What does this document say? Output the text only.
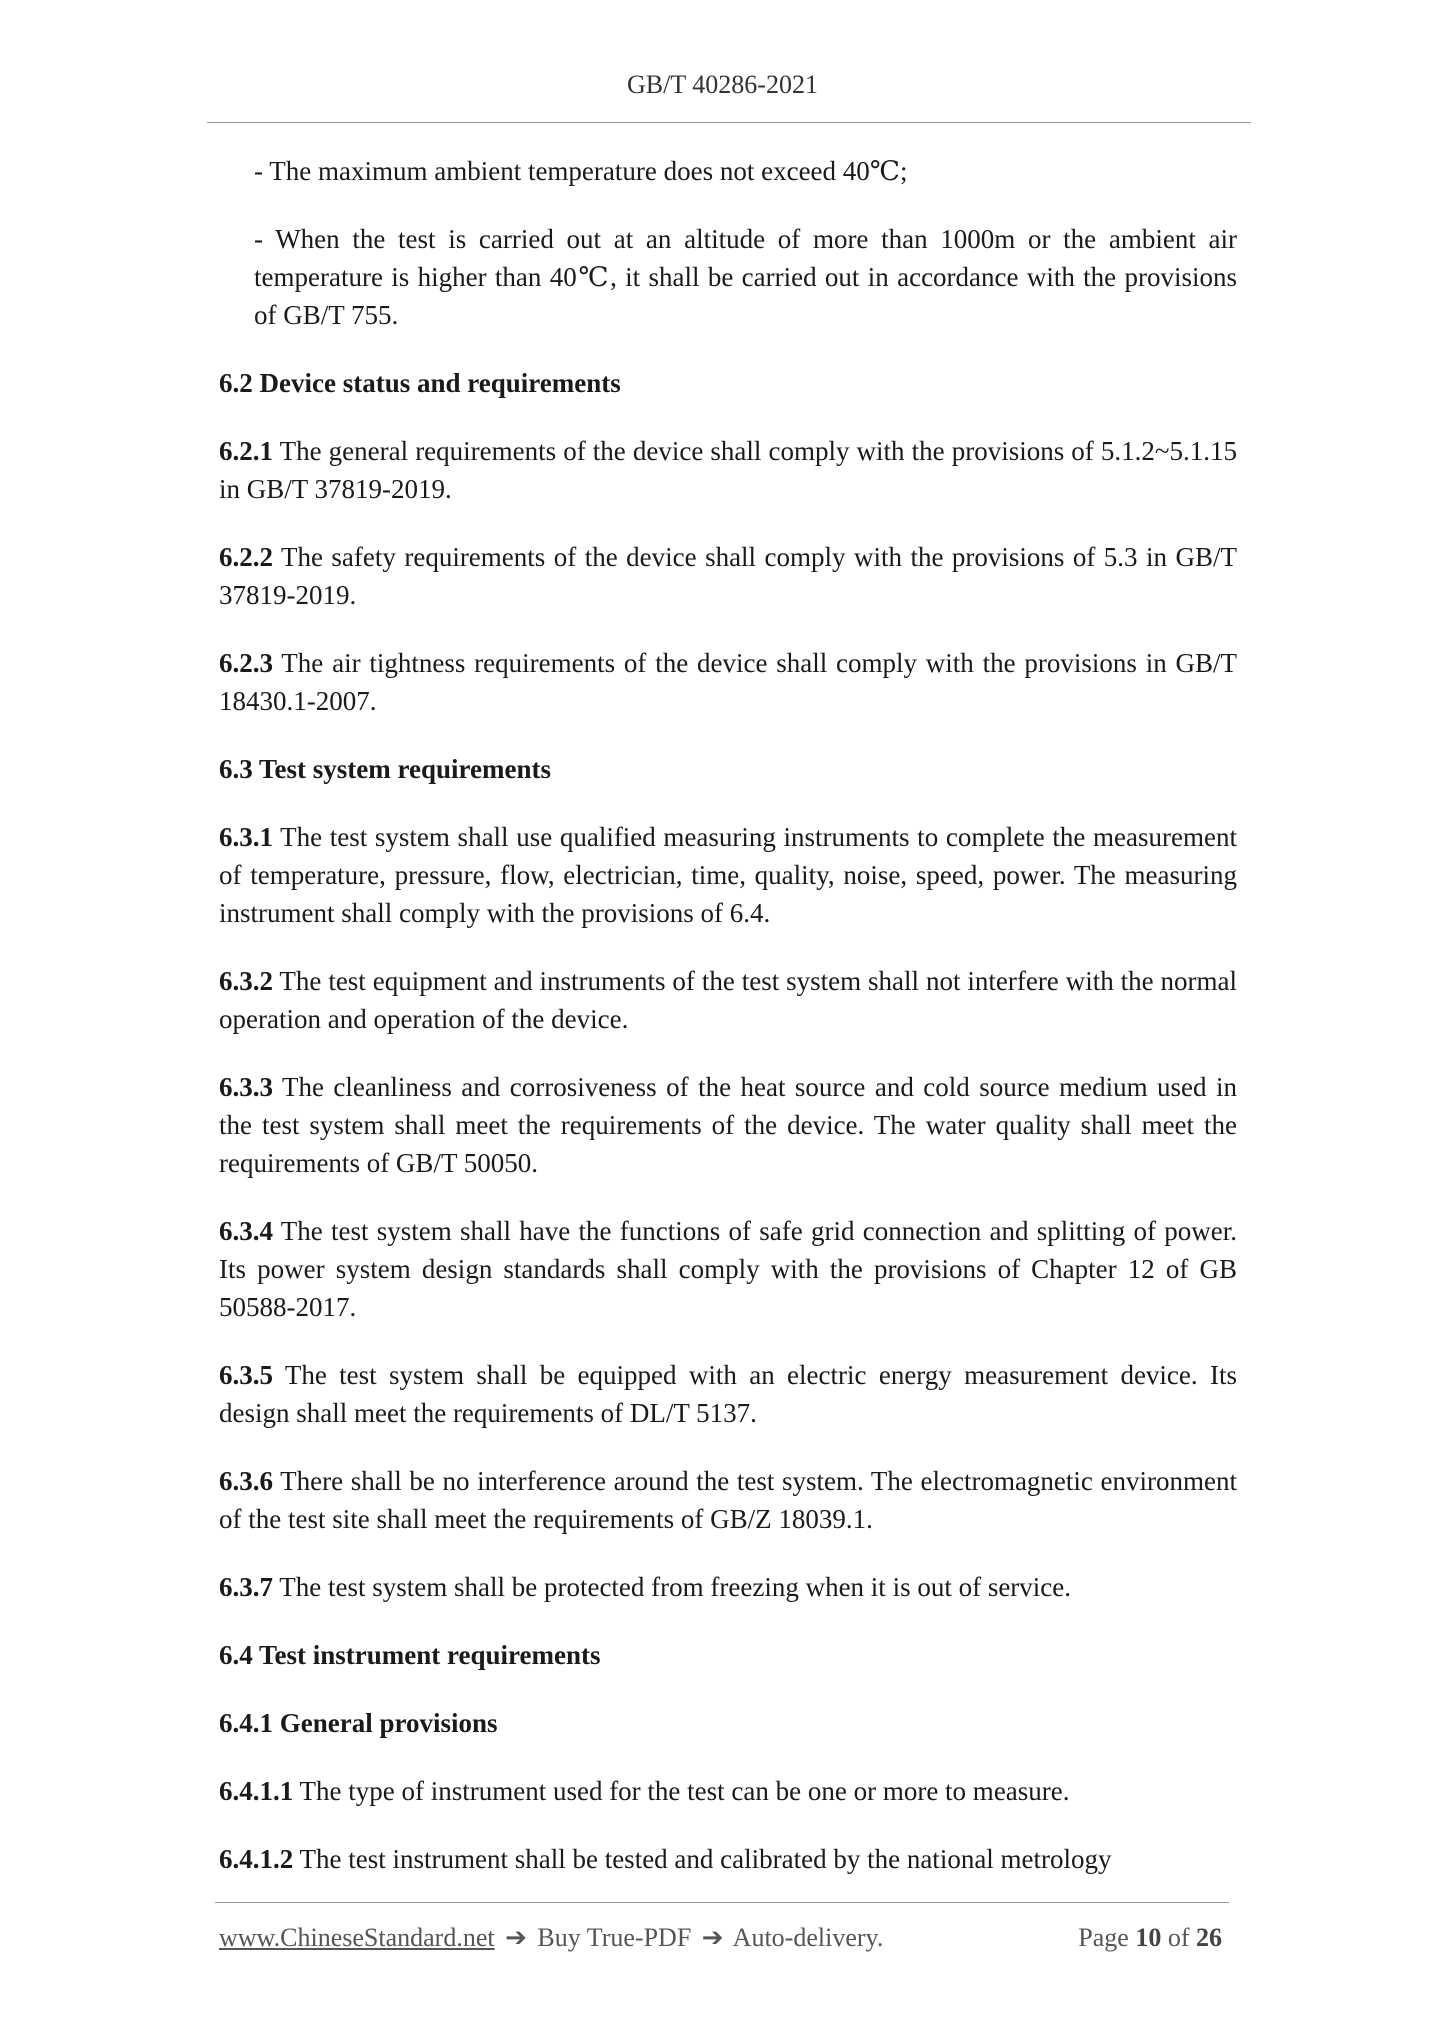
GB/T 40286-2021

- The maximum ambient temperature does not exceed 40℃;

- When the test is carried out at an altitude of more than 1000m or the ambient air temperature is higher than 40℃, it shall be carried out in accordance with the provisions of GB/T 755.

6.2 Device status and requirements

6.2.1 The general requirements of the device shall comply with the provisions of 5.1.2~5.1.15 in GB/T 37819-2019.

6.2.2 The safety requirements of the device shall comply with the provisions of 5.3 in GB/T 37819-2019.

6.2.3 The air tightness requirements of the device shall comply with the provisions in GB/T 18430.1-2007.

6.3 Test system requirements

6.3.1 The test system shall use qualified measuring instruments to complete the measurement of temperature, pressure, flow, electrician, time, quality, noise, speed, power. The measuring instrument shall comply with the provisions of 6.4.

6.3.2 The test equipment and instruments of the test system shall not interfere with the normal operation and operation of the device.

6.3.3 The cleanliness and corrosiveness of the heat source and cold source medium used in the test system shall meet the requirements of the device. The water quality shall meet the requirements of GB/T 50050.

6.3.4 The test system shall have the functions of safe grid connection and splitting of power. Its power system design standards shall comply with the provisions of Chapter 12 of GB 50588-2017.

6.3.5 The test system shall be equipped with an electric energy measurement device. Its design shall meet the requirements of DL/T 5137.

6.3.6 There shall be no interference around the test system. The electromagnetic environment of the test site shall meet the requirements of GB/Z 18039.1.

6.3.7 The test system shall be protected from freezing when it is out of service.

6.4 Test instrument requirements
6.4.1 General provisions

6.4.1.1 The type of instrument used for the test can be one or more to measure.

6.4.1.2 The test instrument shall be tested and calibrated by the national metrology

www.ChineseStandard.net ➔ Buy True-PDF ➔ Auto-delivery.	Page 10 of 26
